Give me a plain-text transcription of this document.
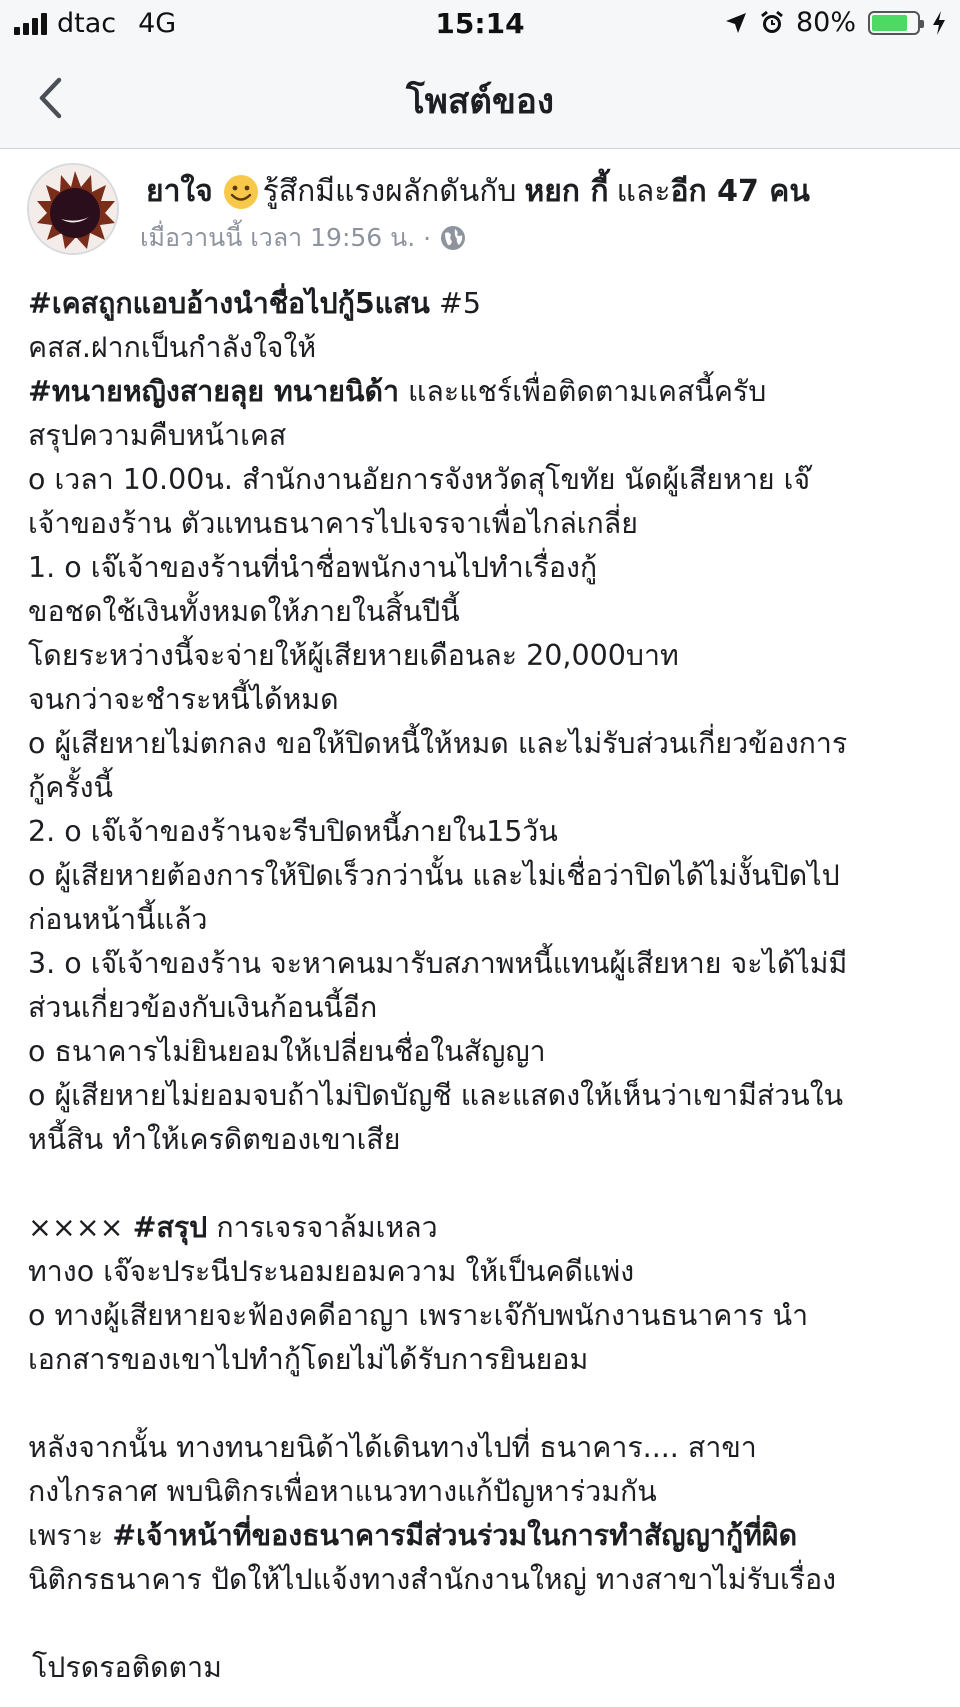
dtac 4G	15:14	80%
โพสต์ของ
ยาใจ รู้สึกมีแรงผลักดันกับ หยก กี้ และ อีก 47 คน
เมื่อวานนี้ เวลา 19:56 น. ·
#เคสถูกแอบอ้างนำชื่อไปกู้5แสน #5
คสส.ฝากเป็นกำลังใจให้
#ทนายหญิงสายลุย ทนายนิด้า และแชร์เพื่อติดตามเคสนี้ครับ
สรุปความคืบหน้าเคส
o เวลา 10.00น. สำนักงานอัยการจังหวัดสุโขทัย นัดผู้เสียหาย เจ๊
เจ้าของร้าน ตัวแทนธนาคารไปเจรจาเพื่อไกล่เกลี่ย
1. o เจ๊เจ้าของร้านที่นำชื่อพนักงานไปทำเรื่องกู้
ขอชดใช้เงินทั้งหมดให้ภายในสิ้นปีนี้
โดยระหว่างนี้จะจ่ายให้ผู้เสียหายเดือนละ 20,000บาท
จนกว่าจะชำระหนี้ได้หมด
o ผู้เสียหายไม่ตกลง ขอให้ปิดหนี้ให้หมด และไม่รับส่วนเกี่ยวข้องการ
กู้ครั้งนี้
2. o เจ๊เจ้าของร้านจะรีบปิดหนี้ภายใน15วัน
o ผู้เสียหายต้องการให้ปิดเร็วกว่านั้น และไม่เชื่อว่าปิดได้ไม่งั้นปิดไป
ก่อนหน้านี้แล้ว
3. o เจ๊เจ้าของร้าน จะหาคนมารับสภาพหนี้แทนผู้เสียหาย จะได้ไม่มี
ส่วนเกี่ยวข้องกับเงินก้อนนี้อีก
o ธนาคารไม่ยินยอมให้เปลี่ยนชื่อในสัญญา
o ผู้เสียหายไม่ยอมจบถ้าไม่ปิดบัญชี และแสดงให้เห็นว่าเขามีส่วนใน
หนี้สิน ทำให้เครดิตของเขาเสีย
×××× #สรุป การเจรจาล้มเหลว
ทางo เจ๊จะประนีประนอมยอมความ ให้เป็นคดีแพ่ง
o ทางผู้เสียหายจะฟ้องคดีอาญา เพราะเจ๊กับพนักงานธนาคาร นำ
เอกสารของเขาไปทำกู้โดยไม่ได้รับการยินยอม
หลังจากนั้น ทางทนายนิด้าได้เดินทางไปที่ ธนาคาร.... สาขา
กงไกรลาศ พบนิติกรเพื่อหาแนวทางแก้ปัญหาร่วมกัน
เพราะ #เจ้าหน้าที่ของธนาคารมีส่วนร่วมในการทำสัญญากู้ที่ผิด
นิติกรธนาคาร ปัดให้ไปแจ้งทางสำนักงานใหญ่ ทางสาขาไม่รับเรื่อง
โปรดรอติดตาม
